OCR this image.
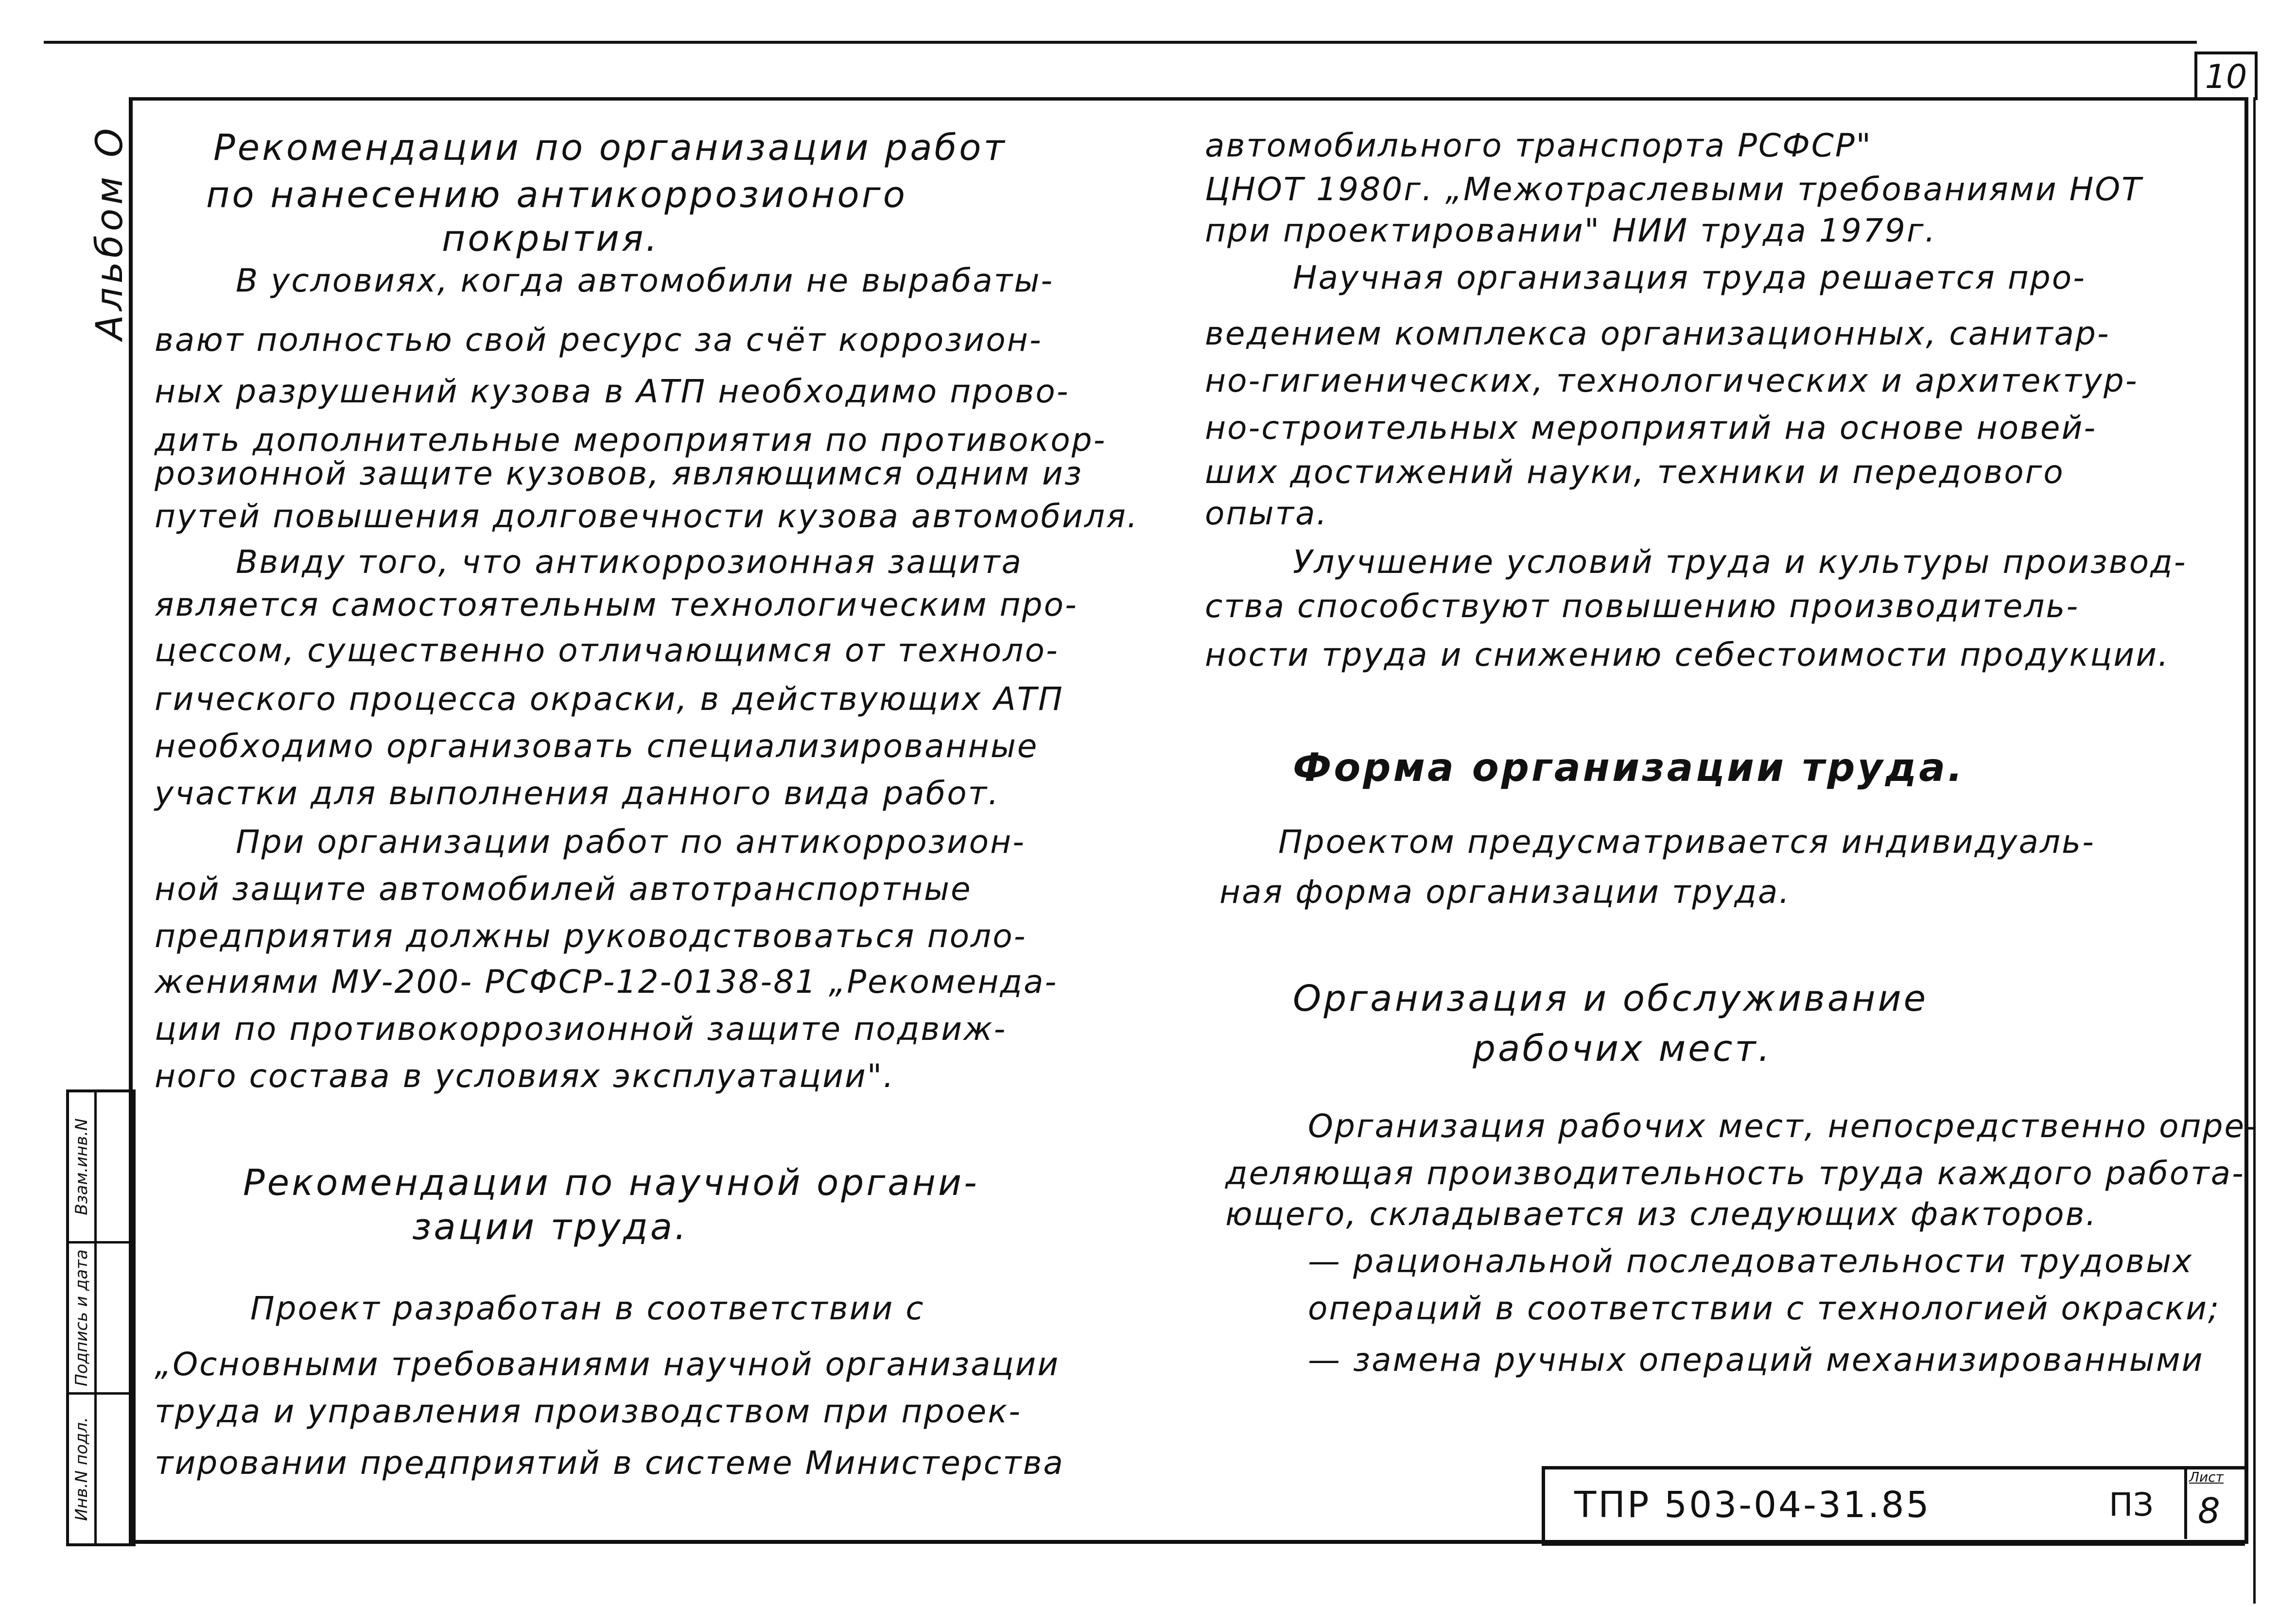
10
Альбом О
Инв.N подл.
Подпись и дата
Взам.инв.N
ТПР 503-04-31.85	ПЗ
Лист
8
Рекомендации по организации работ
по нанесению антикоррозионого
покрытия.
В условиях, когда автомобили не вырабаты-
вают полностью свой ресурс за счёт коррозион-
ных разрушений кузова в АТП необходимо прово-
дить дополнительные мероприятия по противокор-
розионной защите кузовов, являющимся одним из
путей повышения долговечности кузова автомобиля.
Ввиду того, что антикоррозионная защита
является самостоятельным технологическим про-
цессом, существенно отличающимся от техноло-
гического процесса окраски, в действующих АТП
необходимо организовать специализированные
участки для выполнения данного вида работ.
При организации работ по антикоррозион-
ной защите автомобилей автотранспортные
предприятия должны руководствоваться поло-
жениями МУ-200- РСФСР-12-0138-81 „Рекоменда-
ции по противокоррозионной защите подвиж-
ного состава в условиях эксплуатации".
Рекомендации по научной органи-
зации труда.
Проект разработан в соответствии с
„Основными требованиями научной организации
труда и управления производством при проек-
тировании предприятий в системе Министерства
автомобильного транспорта РСФСР"
ЦНОТ 1980г. „Межотраслевыми требованиями НОТ
при проектировании" НИИ труда 1979г.
Научная организация труда решается про-
ведением комплекса организационных, санитар-
но-гигиенических, технологических и архитектур-
но-строительных мероприятий на основе новей-
ших достижений науки, техники и передового
опыта.
Улучшение условий труда и культуры производ-
ства способствуют повышению производитель-
ности труда и снижению себестоимости продукции.
Форма организации труда.
Проектом предусматривается индивидуаль-
ная форма организации труда.
Организация и обслуживание
рабочих мест.
Организация рабочих мест, непосредственно опре-
деляющая производительность труда каждого работа-
ющего, складывается из следующих факторов.
— рациональной последовательности трудовых
операций в соответствии с технологией окраски;
— замена ручных операций механизированными
